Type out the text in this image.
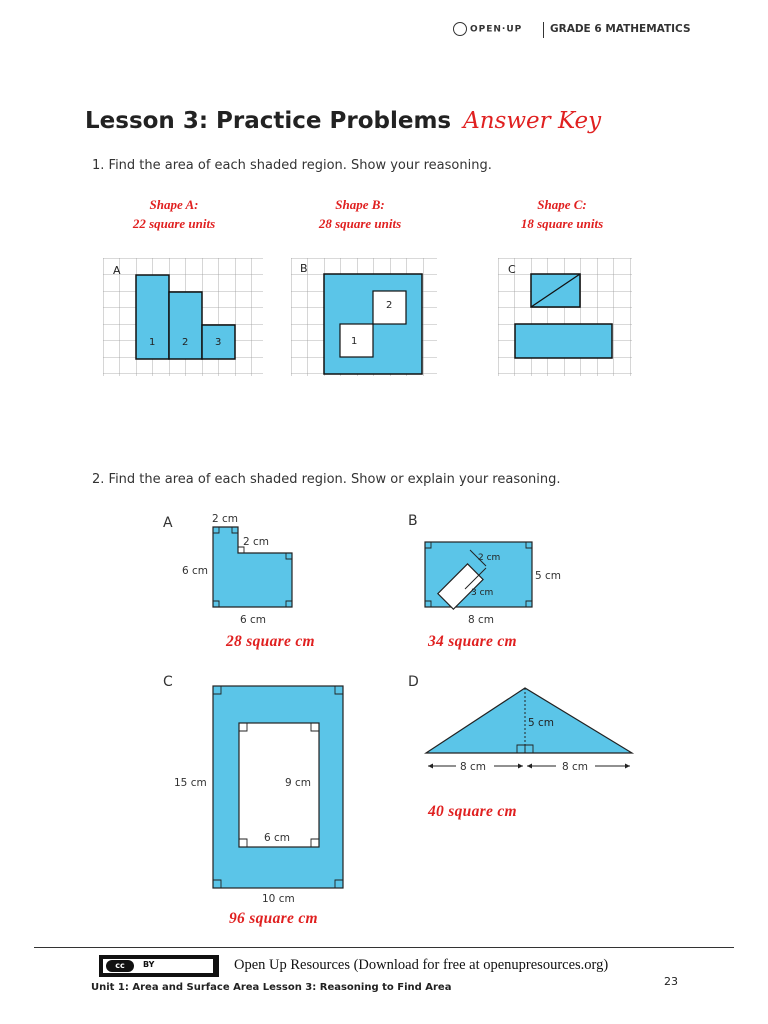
OPEN·UP	GRADE 6 MATHEMATICS
Lesson 3: Practice Problems Answer Key
1. Find the area of each shaded region. Show your reasoning.
Shape A:
22 square units
Shape B:
28 square units
Shape C:
18 square units
A
1	2	3
B
1
2
C
2. Find the area of each shaded region. Show or explain your reasoning.
A	2 cm
2 cm
6 cm
6 cm
28 square cm
B
2 cm
3 cm
5 cm
8 cm
34 square cm
C
15 cm	9 cm
6 cm
10 cm
96 square cm
D
5 cm
8 cm	8 cm
40 square cm
cc	BY	Open Up Resources (Download for free at openupresources.org)
23
Unit 1: Area and Surface Area Lesson 3: Reasoning to Find Area
